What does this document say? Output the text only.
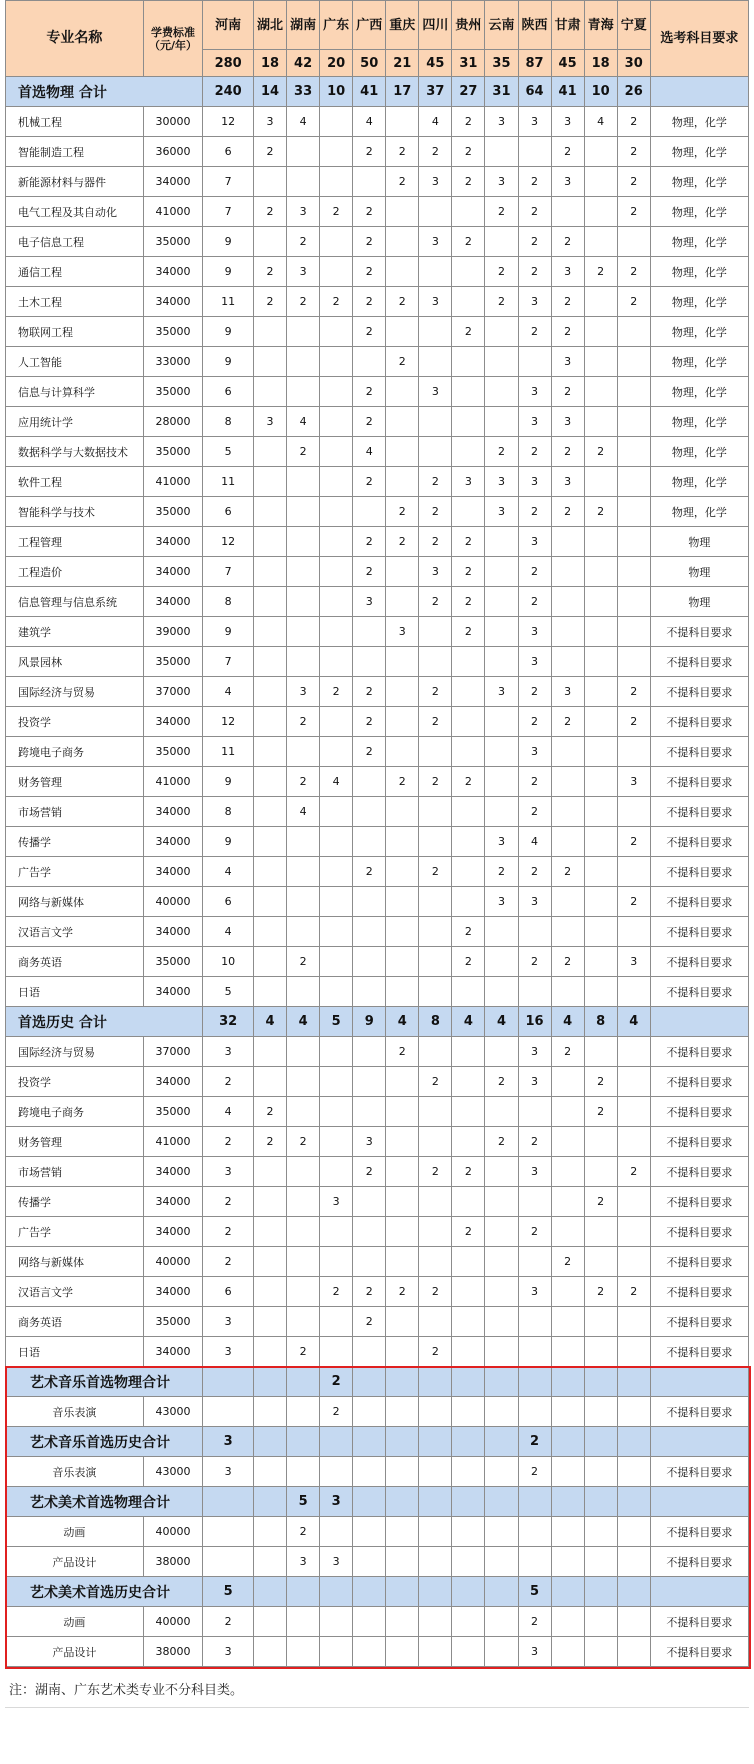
专业名称	学费标准（元/年）	河南	湖北	湖南	广东	广西	重庆	四川	贵州	云南	陕西	甘肃	青海	宁夏	选考科目要求
		280	18	42	20	50	21	45	31	35	87	45	18	30	
首选物理 合计		240	14	33	10	41	17	37	27	31	64	41	10	26	
机械工程	30000	12	3	4		4		4	2	3	3	3	4	2	物理，化学
智能制造工程	36000	6	2			2	2	2	2			2		2	物理，化学
新能源材料与器件	34000	7					2	3	2	3	2	3		2	物理，化学
电气工程及其自动化	41000	7	2	3	2	2				2	2			2	物理，化学
电子信息工程	35000	9		2		2		3	2		2	2			物理，化学
通信工程	34000	9	2	3		2				2	2	3	2	2	物理，化学
土木工程	34000	11	2	2	2	2	2	3		2	3	2		2	物理，化学
物联网工程	35000	9				2			2		2	2			物理，化学
人工智能	33000	9					2					3			物理，化学
信息与计算科学	35000	6				2		3			3	2			物理，化学
应用统计学	28000	8	3	4		2					3	3			物理，化学
数据科学与大数据技术	35000	5		2		4				2	2	2	2		物理，化学
软件工程	41000	11				2		2	3	3	3	3			物理，化学
智能科学与技术	35000	6					2	2		3	2	2	2		物理，化学
工程管理	34000	12				2	2	2	2		3				物理
工程造价	34000	7				2		3	2		2				物理
信息管理与信息系统	34000	8				3		2	2		2				物理
建筑学	39000	9					3		2		3				不提科目要求
风景园林	35000	7									3				不提科目要求
国际经济与贸易	37000	4		3	2	2		2		3	2	3		2	不提科目要求
投资学	34000	12		2		2		2			2	2		2	不提科目要求
跨境电子商务	35000	11				2					3				不提科目要求
财务管理	41000	9		2	4		2	2	2		2			3	不提科目要求
市场营销	34000	8		4							2				不提科目要求
传播学	34000	9								3	4			2	不提科目要求
广告学	34000	4				2		2		2	2	2			不提科目要求
网络与新媒体	40000	6								3	3			2	不提科目要求
汉语言文学	34000	4							2						不提科目要求
商务英语	35000	10		2					2		2	2		3	不提科目要求
日语	34000	5													不提科目要求
首选历史 合计		32	4	4	5	9	4	8	4	4	16	4	8	4	
国际经济与贸易	37000	3					2				3	2			不提科目要求
投资学	34000	2						2		2	3		2		不提科目要求
跨境电子商务	35000	4	2										2		不提科目要求
财务管理	41000	2	2	2		3				2	2				不提科目要求
市场营销	34000	3				2		2	2		3			2	不提科目要求
传播学	34000	2			3								2		不提科目要求
广告学	34000	2							2		2				不提科目要求
网络与新媒体	40000	2										2			不提科目要求
汉语言文学	34000	6			2	2	2	2			3		2	2	不提科目要求
商务英语	35000	3				2									不提科目要求
日语	34000	3		2				2							不提科目要求
艺术音乐首选物理合计					2										
音乐表演	43000				2										不提科目要求
艺术音乐首选历史合计		3									2				
音乐表演	43000	3									2				不提科目要求
艺术美术首选物理合计				5	3										
动画	40000			2											不提科目要求
产品设计	38000			3	3										不提科目要求
艺术美术首选历史合计		5									5				
动画	40000	2									2				不提科目要求
产品设计	38000	3									3				不提科目要求
注：湖南、广东艺术类专业不分科目类。
